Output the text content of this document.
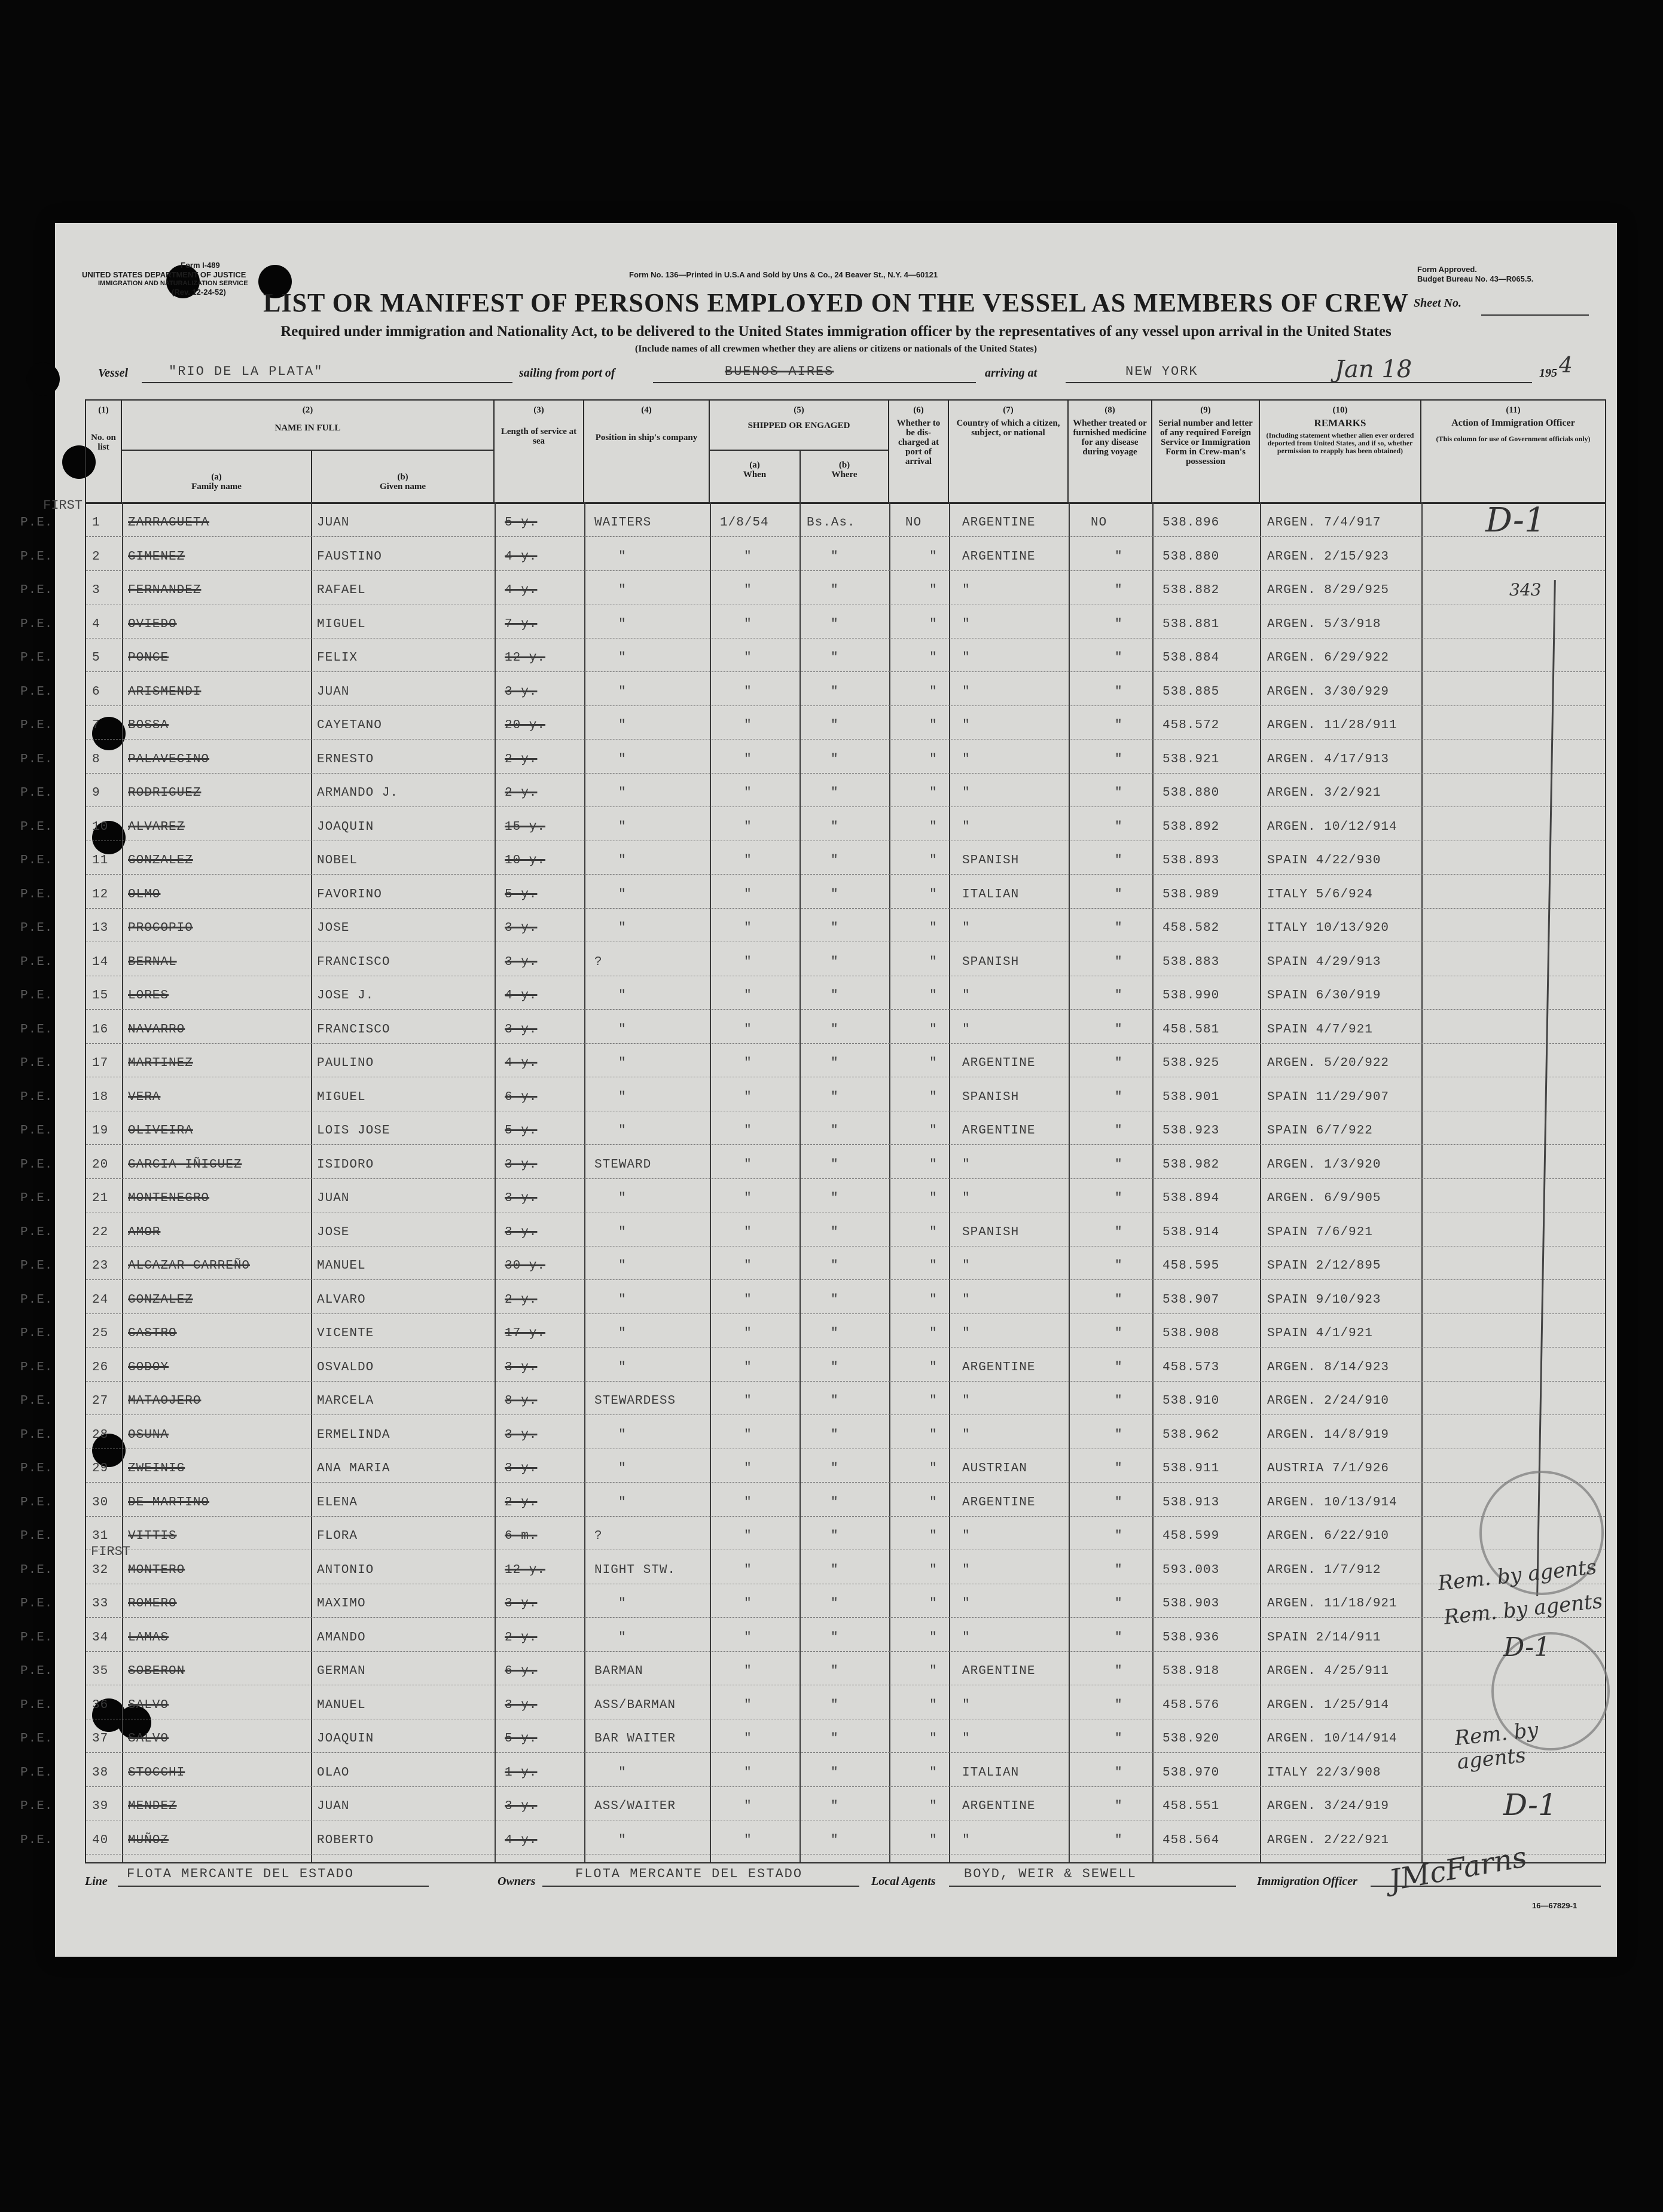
Form I-489
UNITED STATES DEPARTMENT OF JUSTICE
IMMIGRATION AND NATURALIZATION SERVICE
(Rev. 12-24-52)
Form No. 136—Printed in U.S.A and Sold by Uns & Co., 24 Beaver St., N.Y. 4—60121
Form Approved.
Budget Bureau No. 43—R065.5.
LIST OR MANIFEST OF PERSONS EMPLOYED ON THE VESSEL AS MEMBERS OF CREW Sheet No.
Required under immigration and Nationality Act, to be delivered to the United States immigration officer by the representatives of any vessel upon arrival in the United States
(Include names of all crewmen whether they are aliens or citizens or nationals of the United States)
Vessel	"RIO DE LA PLATA"	sailing from port of	BUENOS AIRES	arriving at	NEW YORK	Jan 18	195 4
FIRST
FIRST
(1)
No. on list
(2)
NAME IN FULL
(a)
Family name
(b)
Given name
(3)
Length of service at sea
(4)
Position in ship's company
(5)
SHIPPED OR ENGAGED
(a)
When
(b)
Where
(6)
Whether to be dis-charged at port of arrival
(7)
Country of which a citizen, subject, or national
(8)
Whether treated or furnished medicine for any disease during voyage
(9)
Serial number and letter of any required Foreign Service or Immigration Form in Crew-man's possession
(10)
REMARKS
(Including statement whether alien ever ordered deported from United States, and if so, whether permission to reapply has been obtained)
(11)
Action of Immigration Officer
(This column for use of Government officials only)
P.E.	1 ZARRAGUETA	JUAN	5 y.	WAITERS	1/8/54	Bs.As.	NO	ARGENTINE	NO	538.896	ARGEN. 7/4/917
P.E.	2 GIMENEZ	FAUSTINO	4 y.	"	"	"	" ARGENTINE	"	538.880	ARGEN. 2/15/923
P.E.	3 FERNANDEZ	RAFAEL	4 y.	"	"	"	" "	"	538.882	ARGEN. 8/29/925
P.E.	4 OVIEDO	MIGUEL	7 y.	"	"	"	" "	"	538.881	ARGEN. 5/3/918
P.E.	5 PONCE	FELIX	12 y.	"	"	"	" "	"	538.884	ARGEN. 6/29/922
P.E.	6 ARISMENDI	JUAN	3 y.	"	"	"	" "	"	538.885	ARGEN. 3/30/929
P.E.	7 BOSSA	CAYETANO	20 y.	"	"	"	" "	"	458.572	ARGEN. 11/28/911
P.E.	8 PALAVECINO	ERNESTO	2 y.	"	"	"	" "	"	538.921	ARGEN. 4/17/913
P.E.	9 RODRIGUEZ	ARMANDO J.	2 y.	"	"	"	" "	"	538.880	ARGEN. 3/2/921
P.E.	10 ALVAREZ	JOAQUIN	15 y.	"	"	"	" "	"	538.892	ARGEN. 10/12/914
P.E.	11 GONZALEZ	NOBEL	10 y.	"	"	"	" SPANISH	"	538.893	SPAIN 4/22/930
P.E.	12 OLMO	FAVORINO	5 y.	"	"	"	" ITALIAN	"	538.989	ITALY 5/6/924
P.E.	13 PROCOPIO	JOSE	3 y.	"	"	"	" "	"	458.582	ITALY 10/13/920
P.E.	14 BERNAL	FRANCISCO	3 y.	?	"	"	" SPANISH	"	538.883	SPAIN 4/29/913
P.E.	15 LORES	JOSE J.	4 y.	"	"	"	" "	"	538.990	SPAIN 6/30/919
P.E.	16 NAVARRO	FRANCISCO	3 y.	"	"	"	" "	"	458.581	SPAIN 4/7/921
P.E.	17 MARTINEZ	PAULINO	4 y.	"	"	"	" ARGENTINE	"	538.925	ARGEN. 5/20/922
P.E.	18 VERA	MIGUEL	6 y.	"	"	"	" SPANISH	"	538.901	SPAIN 11/29/907
P.E.	19 OLIVEIRA	LOIS JOSE	5 y.	"	"	"	" ARGENTINE	"	538.923	SPAIN 6/7/922
P.E.	20 GARCIA IÑIGUEZ	ISIDORO	3 y.	STEWARD	"	"	" "	"	538.982	ARGEN. 1/3/920
P.E.	21 MONTENEGRO	JUAN	3 y.	"	"	"	" "	"	538.894	ARGEN. 6/9/905
P.E.	22 AMOR	JOSE	3 y.	"	"	"	" SPANISH	"	538.914	SPAIN 7/6/921
P.E.	23 ALCAZAR CARREÑO	MANUEL	30 y.	"	"	"	" "	"	458.595	SPAIN 2/12/895
P.E.	24 GONZALEZ	ALVARO	2 y.	"	"	"	" "	"	538.907	SPAIN 9/10/923
P.E.	25 CASTRO	VICENTE	17 y.	"	"	"	" "	"	538.908	SPAIN 4/1/921
P.E.	26 GODOY	OSVALDO	3 y.	"	"	"	" ARGENTINE	"	458.573	ARGEN. 8/14/923
P.E.	27 MATAOJERO	MARCELA	8 y.	STEWARDESS	"	"	" "	"	538.910	ARGEN. 2/24/910
P.E.	28 OSUNA	ERMELINDA	3 y.	"	"	"	" "	"	538.962	ARGEN. 14/8/919
P.E.	29 ZWEINIG	ANA MARIA	3 y.	"	"	"	" AUSTRIAN	"	538.911	AUSTRIA 7/1/926
P.E.	30 DE MARTINO	ELENA	2 y.	"	"	"	" ARGENTINE	"	538.913	ARGEN. 10/13/914
P.E.	31 VITTIS	FLORA	6 m.	?	"	"	" "	"	458.599	ARGEN. 6/22/910
P.E.	32 MONTERO	ANTONIO	12 y.	NIGHT STW.	"	"	" "	"	593.003	ARGEN. 1/7/912
P.E.	33 ROMERO	MAXIMO	3 y.	"	"	"	" "	"	538.903	ARGEN. 11/18/921
P.E.	34 LAMAS	AMANDO	2 y.	"	"	"	" "	"	538.936	SPAIN 2/14/911
P.E.	35 SOBERON	GERMAN	6 y.	BARMAN	"	"	" ARGENTINE	"	538.918	ARGEN. 4/25/911
P.E.	36 SALVO	MANUEL	3 y.	ASS/BARMAN	"	"	" "	"	458.576	ARGEN. 1/25/914
P.E.	37 SALVO	JOAQUIN	5 y.	BAR WAITER	"	"	" "	"	538.920	ARGEN. 10/14/914
P.E.	38 STOCCHI	OLAO	1 y.	"	"	"	" ITALIAN	"	538.970	ITALY 22/3/908
P.E.	39 MENDEZ	JUAN	3 y.	ASS/WAITER	"	"	" ARGENTINE	"	458.551	ARGEN. 3/24/919
P.E.	40 MUÑOZ	ROBERTO	4 y.	"	"	"	" "	"	458.564	ARGEN. 2/22/921
D-1
343
Rem. by agents
Rem. by agents
D-1
Rem. by agents
D-1
Line FLOTA MERCANTE DEL ESTADO	Owners	FLOTA MERCANTE DEL ESTADO	Local Agents BOYD, WEIR & SEWELL	Immigration Officer JMcFarns
16—67829-1
